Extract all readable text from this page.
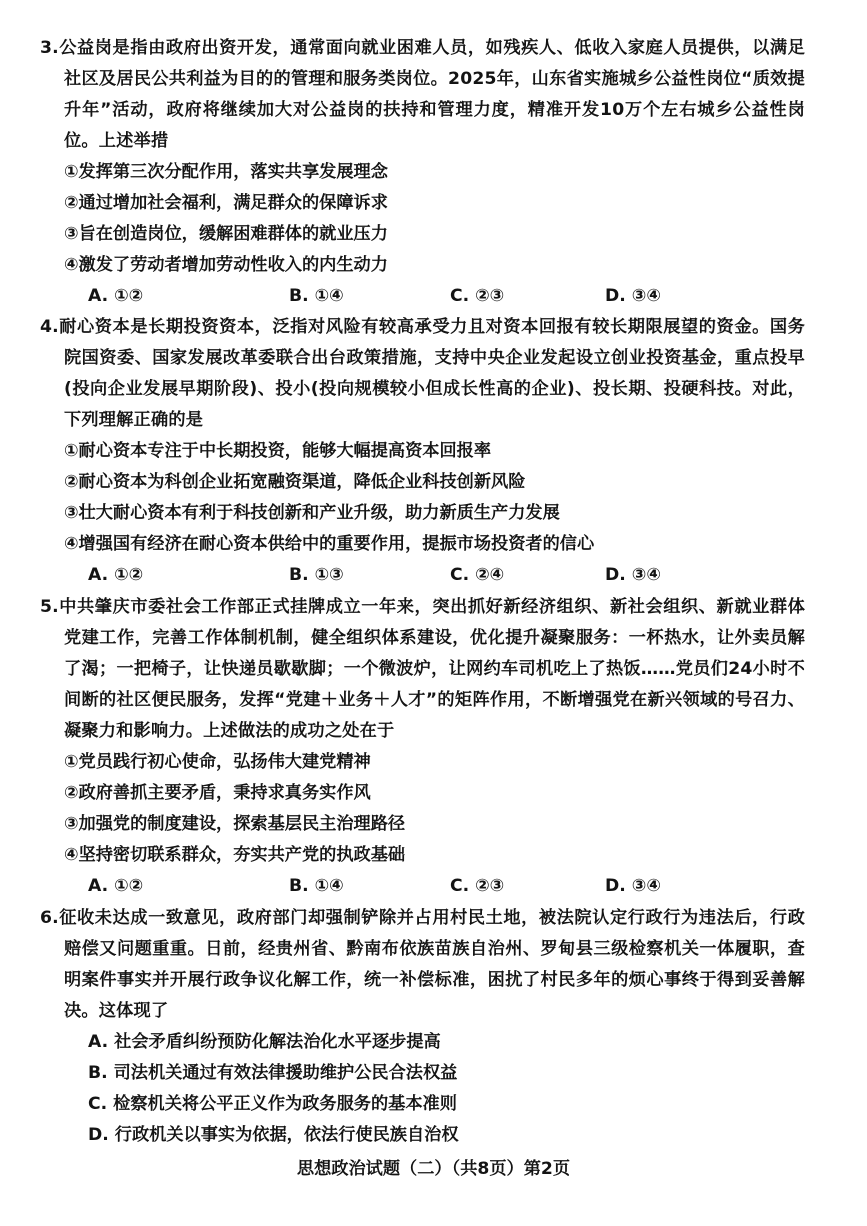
3.公益岗是指由政府出资开发，通常面向就业困难人员，如残疾人、低收入家庭人员提供，以满足社区及居民公共利益为目的的管理和服务类岗位。2025年，山东省实施城乡公益性岗位“质效提升年”活动，政府将继续加大对公益岗的扶持和管理力度，精准开发10万个左右城乡公益性岗位。上述举措

①发挥第三次分配作用，落实共享发展理念

②通过增加社会福利，满足群众的保障诉求

③旨在创造岗位，缓解困难群体的就业压力

④激发了劳动者增加劳动性收入的内生动力

A. ①②	B. ①④	C. ②③	D. ③④

4.耐心资本是长期投资资本，泛指对风险有较高承受力且对资本回报有较长期限展望的资金。国务院国资委、国家发展改革委联合出台政策措施，支持中央企业发起设立创业投资基金，重点投早(投向企业发展早期阶段)、投小(投向规模较小但成长性高的企业)、投长期、投硬科技。对此，下列理解正确的是

①耐心资本专注于中长期投资，能够大幅提高资本回报率

②耐心资本为科创企业拓宽融资渠道，降低企业科技创新风险

③壮大耐心资本有利于科技创新和产业升级，助力新质生产力发展

④增强国有经济在耐心资本供给中的重要作用，提振市场投资者的信心

A. ①②	B. ①③	C. ②④	D. ③④

5.中共肇庆市委社会工作部正式挂牌成立一年来，突出抓好新经济组织、新社会组织、新就业群体党建工作，完善工作体制机制，健全组织体系建设，优化提升凝聚服务：一杯热水，让外卖员解了渴；一把椅子，让快递员歇歇脚；一个微波炉，让网约车司机吃上了热饭……党员们24小时不间断的社区便民服务，发挥“党建＋业务＋人才”的矩阵作用，不断增强党在新兴领域的号召力、凝聚力和影响力。上述做法的成功之处在于

①党员践行初心使命，弘扬伟大建党精神

②政府善抓主要矛盾，秉持求真务实作风

③加强党的制度建设，探索基层民主治理路径

④坚持密切联系群众，夯实共产党的执政基础

A. ①②	B. ①④	C. ②③	D. ③④

6.征收未达成一致意见，政府部门却强制铲除并占用村民土地，被法院认定行政行为违法后，行政赔偿又问题重重。日前，经贵州省、黔南布依族苗族自治州、罗甸县三级检察机关一体履职，查明案件事实并开展行政争议化解工作，统一补偿标准，困扰了村民多年的烦心事终于得到妥善解决。这体现了

A. 社会矛盾纠纷预防化解法治化水平逐步提高

B. 司法机关通过有效法律援助维护公民合法权益

C. 检察机关将公平正义作为政务服务的基本准则

D. 行政机关以事实为依据，依法行使民族自治权

思想政治试题（二）（共8页）第2页
